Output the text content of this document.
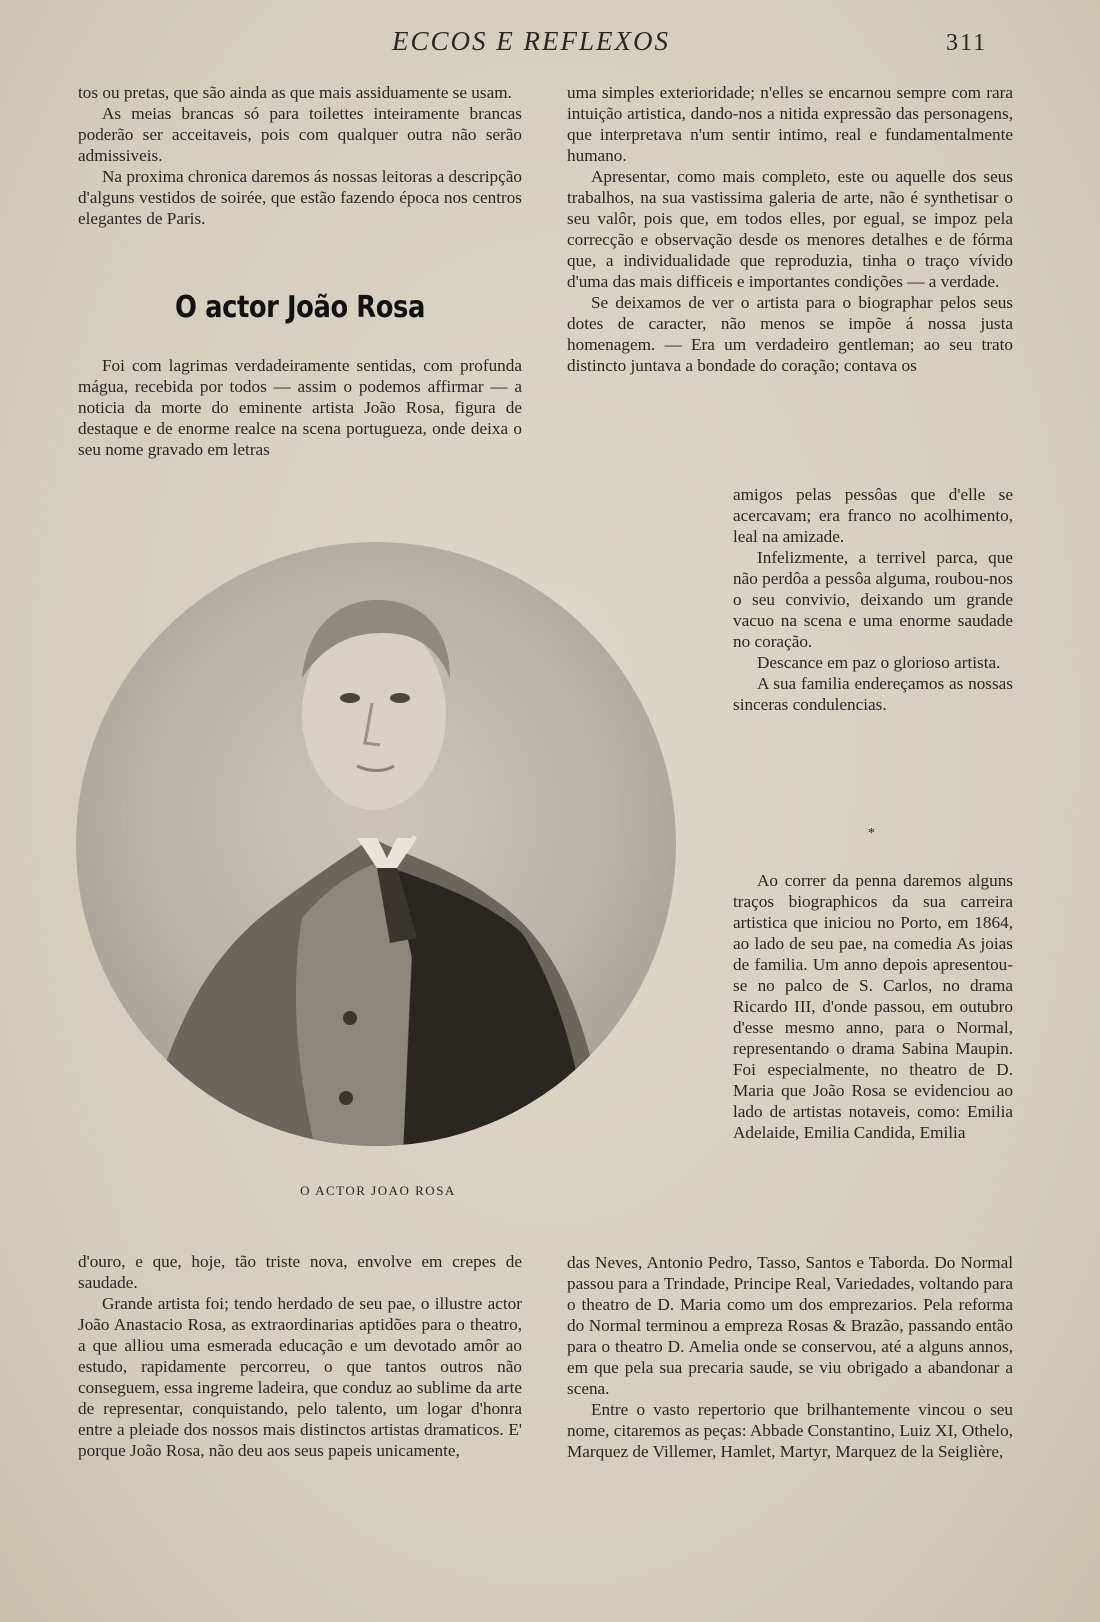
ECCOS E REFLEXOS	311

tos ou pretas, que são ainda as que mais assiduamente se usam.

As meias brancas só para toilettes inteiramente brancas poderão ser acceitaveis, pois com qualquer outra não serão admissiveis.

Na proxima chronica daremos ás nossas leitoras a descripção d'alguns vestidos de soirée, que estão fazendo época nos centros elegantes de Paris.

O actor João Rosa

Foi com lagrimas verdadeiramente sentidas, com profunda mágua, recebida por todos — assim o podemos affirmar — a noticia da morte do eminente artista João Rosa, figura de destaque e de enorme realce na scena portugueza, onde deixa o seu nome gravado em letras

O ACTOR JOAO ROSA

d'ouro, e que, hoje, tão triste nova, envolve em crepes de saudade.

Grande artista foi; tendo herdado de seu pae, o illustre actor João Anastacio Rosa, as extraordinarias aptidões para o theatro, a que alliou uma esmerada educação e um devotado amôr ao estudo, rapidamente percorreu, o que tantos outros não conseguem, essa ingreme ladeira, que conduz ao sublime da arte de representar, conquistando, pelo talento, um logar d'honra entre a pleiade dos nossos mais distinctos artistas dramaticos. E' porque João Rosa, não deu aos seus papeis unicamente,

uma simples exterioridade; n'elles se encarnou sempre com rara intuição artistica, dando-nos a nitida expressão das personagens, que interpretava n'um sentir intimo, real e fundamentalmente humano.

Apresentar, como mais completo, este ou aquelle dos seus trabalhos, na sua vastissima galeria de arte, não é synthetisar o seu valôr, pois que, em todos elles, por egual, se impoz pela correcção e observação desde os menores detalhes e de fórma que, a individualidade que reproduzia, tinha o traço vívido d'uma das mais difficeis e importantes condições — a verdade.

Se deixamos de ver o artista para o biographar pelos seus dotes de caracter, não menos se impõe á nossa justa homenagem. — Era um verdadeiro gentleman; ao seu trato distincto juntava a bondade do coração; contava os

amigos pelas pessôas que d'elle se acercavam; era franco no acolhimento, leal na amizade.

Infelizmente, a terrivel parca, que não perdôa a pessôa alguma, roubou-nos o seu convivio, deixando um grande vacuo na scena e uma enorme saudade no coração.

Descance em paz o glorioso artista.

A sua familia endereçamos as nossas sinceras condulencias.

*

Ao correr da penna daremos alguns traços biographicos da sua carreira artistica que iniciou no Porto, em 1864, ao lado de seu pae, na comedia As joias de familia. Um anno depois apresentou-se no palco de S. Carlos, no drama Ricardo III, d'onde passou, em outubro d'esse mesmo anno, para o Normal, representando o drama Sabina Maupin. Foi especialmente, no theatro de D. Maria que João Rosa se evidenciou ao lado de artistas notaveis, como: Emilia Adelaide, Emilia Candida, Emilia

das Neves, Antonio Pedro, Tasso, Santos e Taborda. Do Normal passou para a Trindade, Principe Real, Variedades, voltando para o theatro de D. Maria como um dos emprezarios. Pela reforma do Normal terminou a empreza Rosas & Brazão, passando então para o theatro D. Amelia onde se conservou, até a alguns annos, em que pela sua precaria saude, se viu obrigado a abandonar a scena.

Entre o vasto repertorio que brilhantemente vincou o seu nome, citaremos as peças: Abbade Constantino, Luiz XI, Othelo, Marquez de Villemer, Hamlet, Martyr, Marquez de la Seiglière,
